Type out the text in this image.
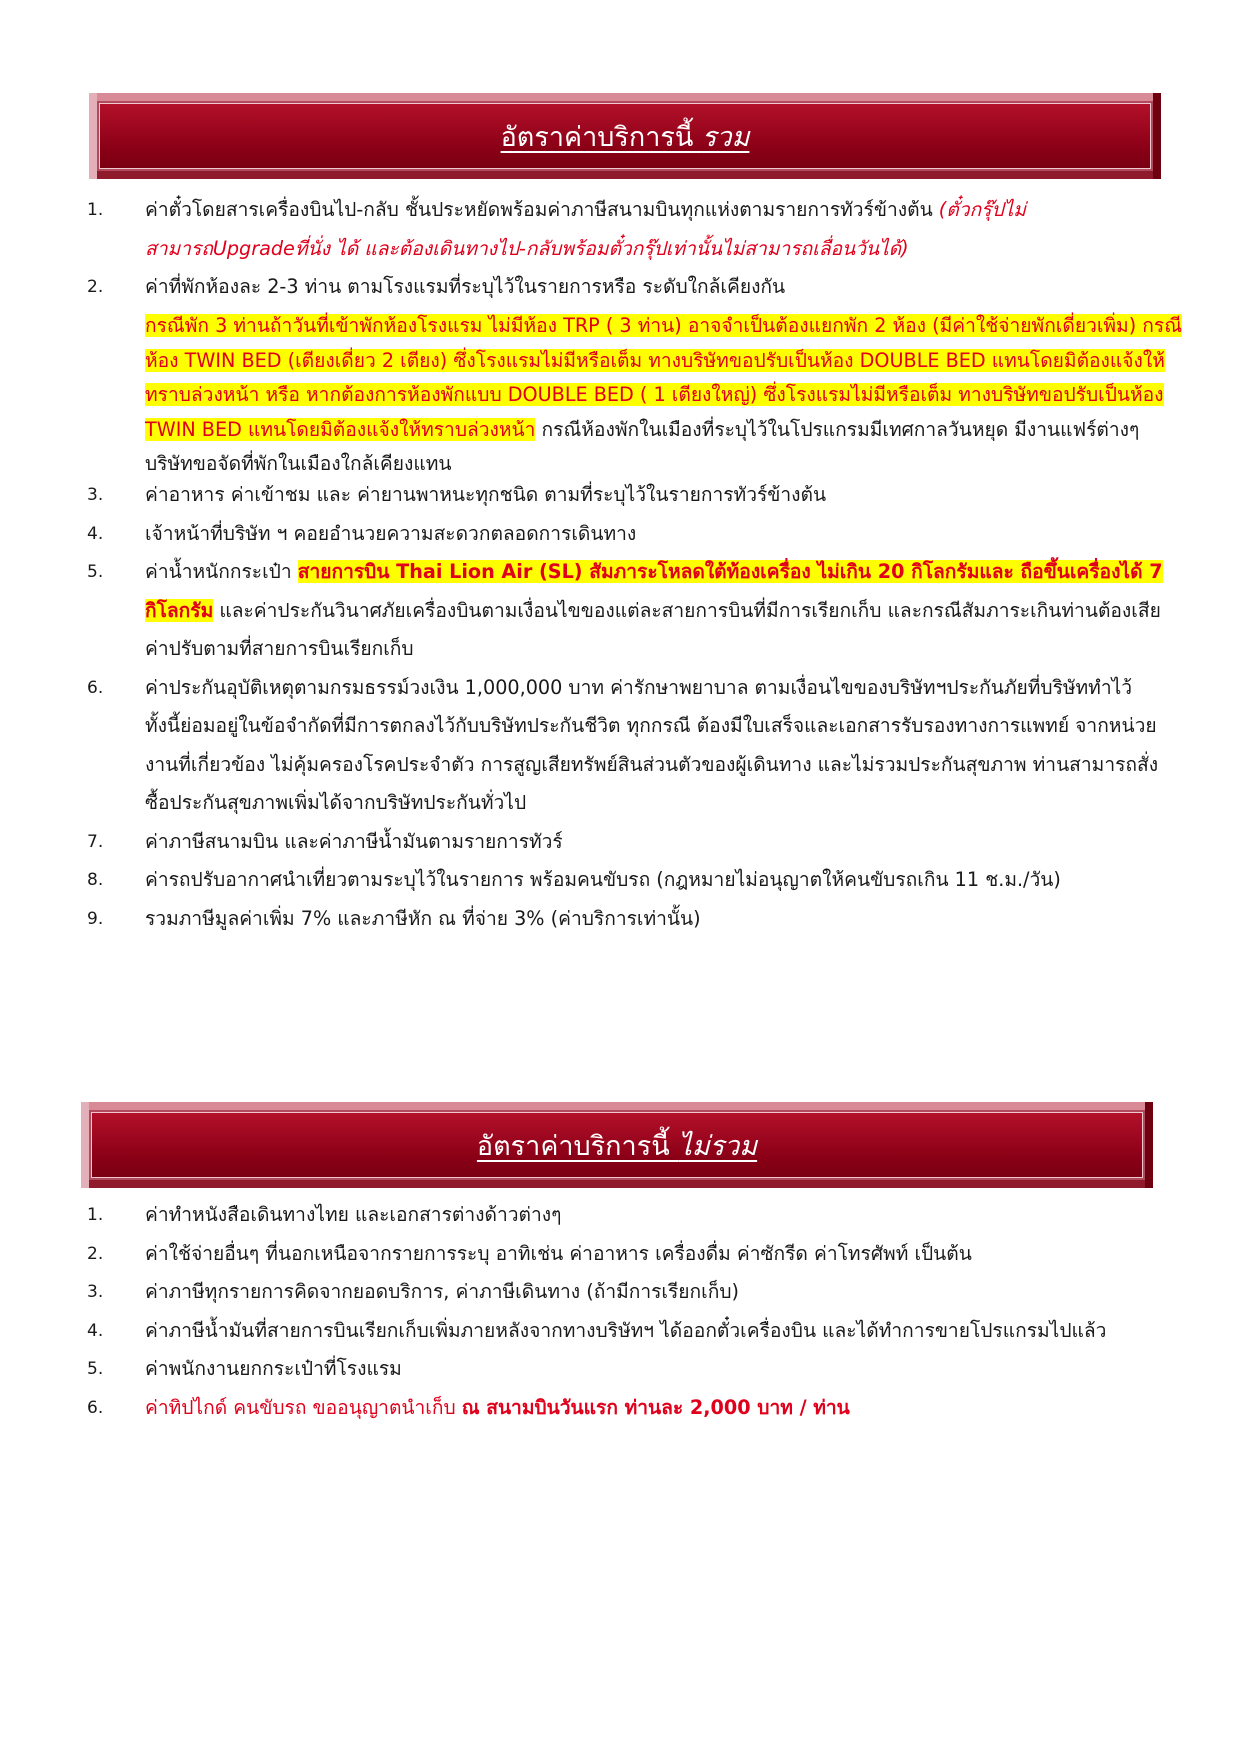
อัตราค่าบริการนี้ รวม
1. ค่าตั๋วโดยสารเครื่องบินไป-กลับ ชั้นประหยัดพร้อมค่าภาษีสนามบินทุกแห่งตามรายการทัวร์ข้างต้น (ตั๋วกรุ๊ปไม่สามารถUpgradeที่นั่ง ได้ และต้องเดินทางไป-กลับพร้อมตั๋วกรุ๊ปเท่านั้นไม่สามารถเลื่อนวันได้)
2. ค่าที่พักห้องละ 2-3 ท่าน ตามโรงแรมที่ระบุไว้ในรายการหรือ ระดับใกล้เคียงกัน

กรณีพัก 3 ท่านถ้าวันที่เข้าพักห้องโรงแรม ไม่มีห้อง TRP ( 3 ท่าน) อาจจำเป็นต้องแยกพัก 2 ห้อง (มีค่าใช้จ่ายพักเดี่ยวเพิ่ม) กรณีห้อง TWIN BED (เตียงเดี่ยว 2 เตียง) ซึ่งโรงแรมไม่มีหรือเต็ม ทางบริษัทขอปรับเป็นห้อง DOUBLE BED แทนโดยมิต้องแจ้งให้ทราบล่วงหน้า หรือ หากต้องการห้องพักแบบ DOUBLE BED ( 1 เตียงใหญ่) ซึ่งโรงแรมไม่มีหรือเต็ม ทางบริษัทขอปรับเป็นห้อง TWIN BED แทนโดยมิต้องแจ้งให้ทราบล่วงหน้า กรณีห้องพักในเมืองที่ระบุไว้ในโปรแกรมมีเทศกาลวันหยุด มีงานแฟร์ต่างๆ บริษัทขอจัดที่พักในเมืองใกล้เคียงแทน

3. ค่าอาหาร ค่าเข้าชม และ ค่ายานพาหนะทุกชนิด ตามที่ระบุไว้ในรายการทัวร์ข้างต้น
4. เจ้าหน้าที่บริษัท ฯ คอยอำนวยความสะดวกตลอดการเดินทาง
5. ค่าน้ำหนักกระเป๋า สายการบิน Thai Lion Air (SL) สัมภาระโหลดใต้ท้องเครื่อง ไม่เกิน 20 กิโลกรัมและ ถือขึ้นเครื่องได้ 7 กิโลกรัม และค่าประกันวินาศภัยเครื่องบินตามเงื่อนไขของแต่ละสายการบินที่มีการเรียกเก็บ และกรณีสัมภาระเกินท่านต้องเสียค่าปรับตามที่สายการบินเรียกเก็บ
6. ค่าประกันอุบัติเหตุตามกรมธรรม์วงเงิน 1,000,000 บาท ค่ารักษาพยาบาล ตามเงื่อนไขของบริษัทฯประกันภัยที่บริษัททำไว้ ทั้งนี้ย่อมอยู่ในข้อจำกัดที่มีการตกลงไว้กับบริษัทประกันชีวิต ทุกกรณี ต้องมีใบเสร็จและเอกสารรับรองทางการแพทย์ จากหน่วยงานที่เกี่ยวข้อง ไม่คุ้มครองโรคประจำตัว การสูญเสียทรัพย์สินส่วนตัวของผู้เดินทาง และไม่รวมประกันสุขภาพ ท่านสามารถสั่งซื้อประกันสุขภาพเพิ่มได้จากบริษัทประกันทั่วไป
7. ค่าภาษีสนามบิน และค่าภาษีน้ำมันตามรายการทัวร์
8. ค่ารถปรับอากาศนำเที่ยวตามระบุไว้ในรายการ พร้อมคนขับรถ (กฎหมายไม่อนุญาตให้คนขับรถเกิน 11 ช.ม./วัน)
9. รวมภาษีมูลค่าเพิ่ม 7% และภาษีหัก ณ ที่จ่าย 3% (ค่าบริการเท่านั้น)
อัตราค่าบริการนี้ ไม่รวม
1. ค่าทำหนังสือเดินทางไทย และเอกสารต่างด้าวต่างๆ
2. ค่าใช้จ่ายอื่นๆ ที่นอกเหนือจากรายการระบุ อาทิเช่น ค่าอาหาร เครื่องดื่ม ค่าซักรีด ค่าโทรศัพท์ เป็นต้น
3. ค่าภาษีทุกรายการคิดจากยอดบริการ, ค่าภาษีเดินทาง (ถ้ามีการเรียกเก็บ)
4. ค่าภาษีน้ำมันที่สายการบินเรียกเก็บเพิ่มภายหลังจากทางบริษัทฯ ได้ออกตั๋วเครื่องบิน และได้ทำการขายโปรแกรมไปแล้ว
5. ค่าพนักงานยกกระเป๋าที่โรงแรม
6. ค่าทิปไกด์ คนขับรถ ขออนุญาตนำเก็บ ณ สนามบินวันแรก ท่านละ 2,000 บาท / ท่าน
